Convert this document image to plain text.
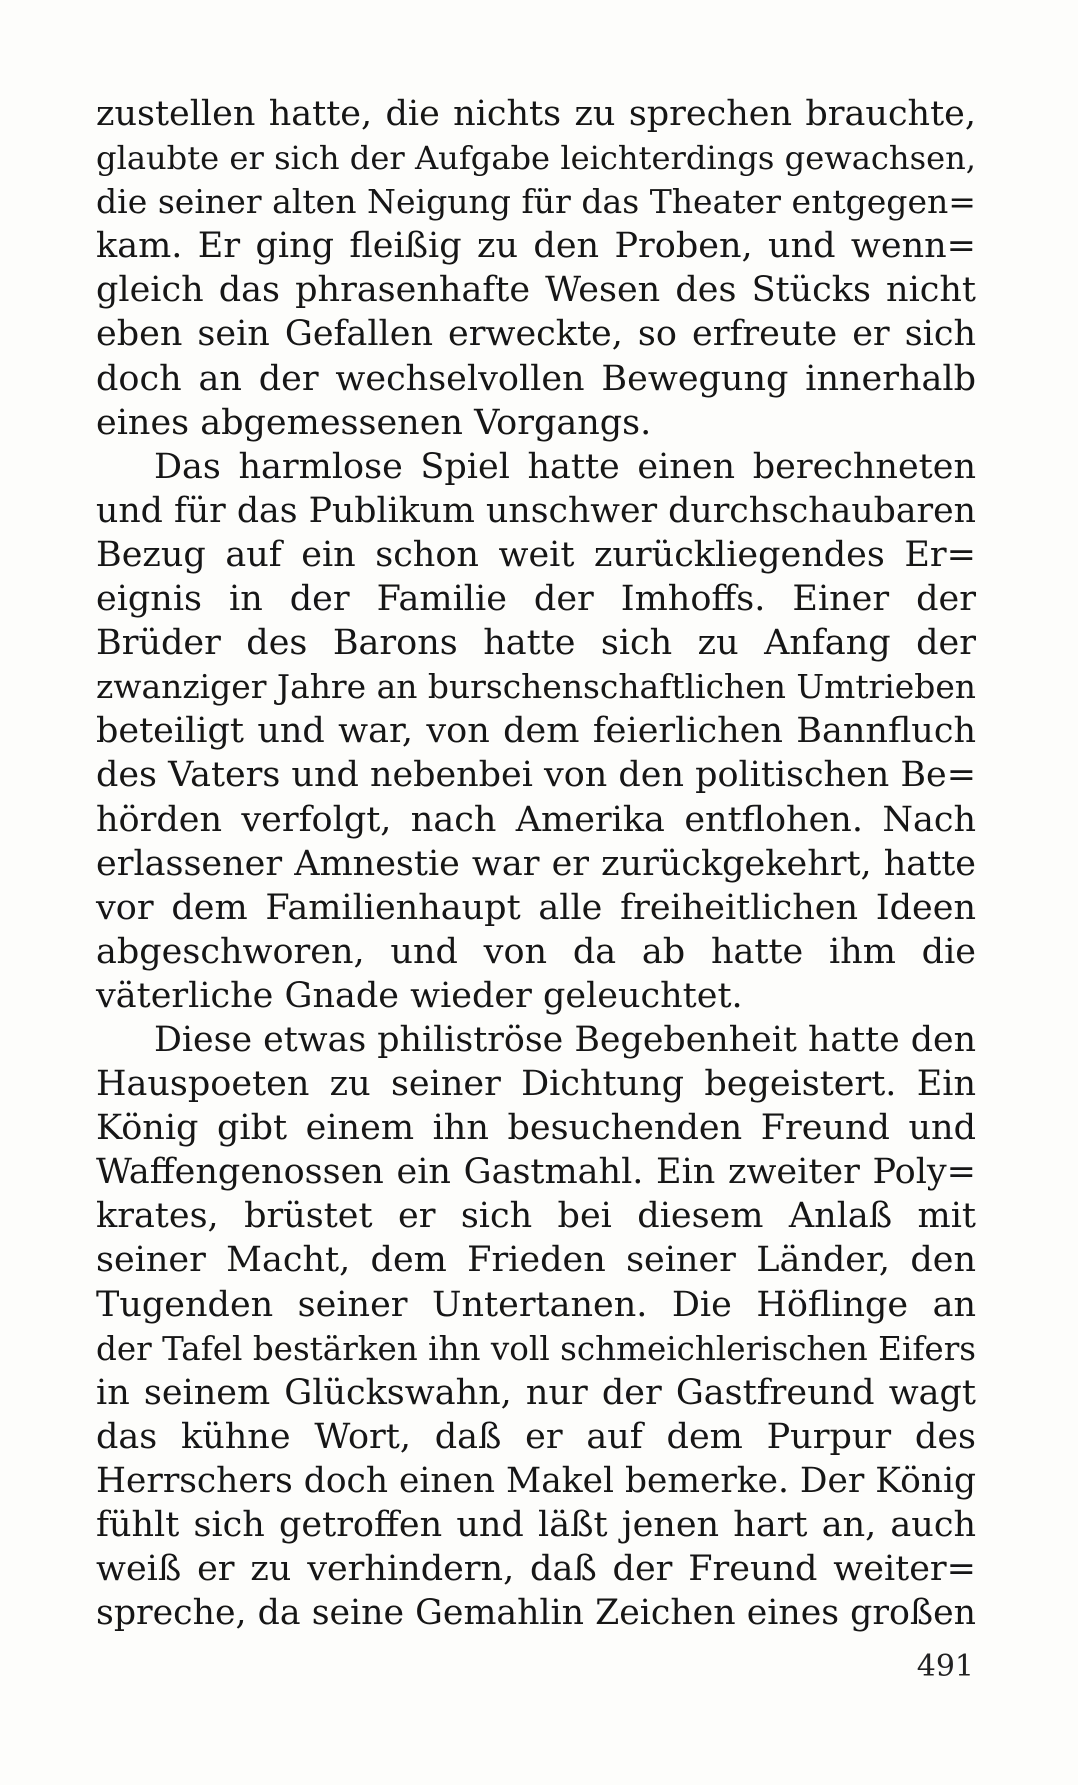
zustellen hatte, die nichts zu sprechen brauchte,
glaubte er sich der Aufgabe leichterdings gewachsen,
die seiner alten Neigung für das Theater entgegen=
kam. Er ging fleißig zu den Proben, und wenn=
gleich das phrasenhafte Wesen des Stücks nicht
eben sein Gefallen erweckte, so erfreute er sich
doch an der wechselvollen Bewegung innerhalb
eines abgemessenen Vorgangs.

Das harmlose Spiel hatte einen berechneten
und für das Publikum unschwer durchschaubaren
Bezug auf ein schon weit zurückliegendes Er=
eignis in der Familie der Imhoffs. Einer der
Brüder des Barons hatte sich zu Anfang der
zwanziger Jahre an burschenschaftlichen Umtrieben
beteiligt und war, von dem feierlichen Bannfluch
des Vaters und nebenbei von den politischen Be=
hörden verfolgt, nach Amerika entflohen. Nach
erlassener Amnestie war er zurückgekehrt, hatte
vor dem Familienhaupt alle freiheitlichen Ideen
abgeschworen, und von da ab hatte ihm die
väterliche Gnade wieder geleuchtet.

Diese etwas philiströse Begebenheit hatte den
Hauspoeten zu seiner Dichtung begeistert. Ein
König gibt einem ihn besuchenden Freund und
Waffengenossen ein Gastmahl. Ein zweiter Poly=
krates, brüstet er sich bei diesem Anlaß mit
seiner Macht, dem Frieden seiner Länder, den
Tugenden seiner Untertanen. Die Höflinge an
der Tafel bestärken ihn voll schmeichlerischen Eifers
in seinem Glückswahn, nur der Gastfreund wagt
das kühne Wort, daß er auf dem Purpur des
Herrschers doch einen Makel bemerke. Der König
fühlt sich getroffen und läßt jenen hart an, auch
weiß er zu verhindern, daß der Freund weiter=
spreche, da seine Gemahlin Zeichen eines großen

491
